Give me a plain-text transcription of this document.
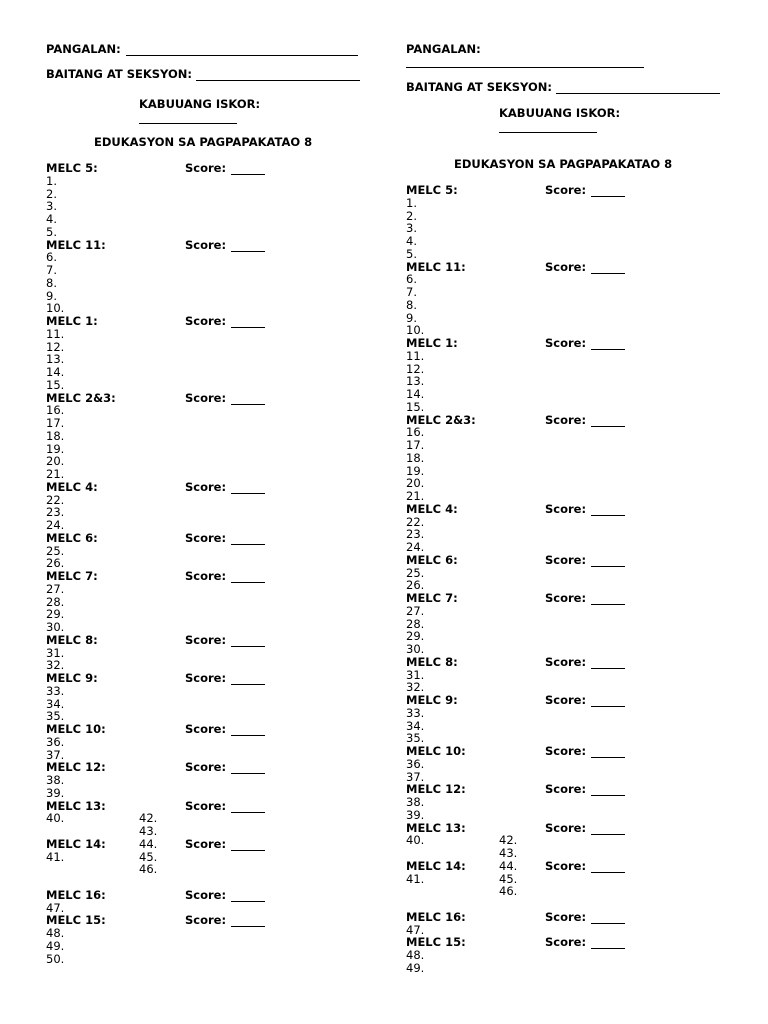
PANGALAN:
BAITANG AT SEKSYON:
KABUUANG ISKOR:
EDUKASYON SA PAGPAPAKATAO 8
MELC 5:	Score:
1.
2.
3.
4.
5.
MELC 11:	Score:
6.
7.
8.
9.
10.
MELC 1:	Score:
11.
12.
13.
14.
15.
MELC 2&3:	Score:
16.
17.
18.
19.
20.
21.
MELC 4:	Score:
22.
23.
24.
MELC 6:	Score:
25.
26.
MELC 7:	Score:
27.
28.
29.
30.
MELC 8:	Score:
31.
32.
MELC 9:	Score:
33.
34.
35.
MELC 10:	Score:
36.
37.
MELC 12:	Score:
38.
39.
MELC 13:	Score:
40.	42.
43.
MELC 14:	Score:
41.
44.
45.
46.
MELC 16:	Score:
47.
MELC 15:	Score:
48.
49.
50.
PANGALAN:
BAITANG AT SEKSYON:
KABUUANG ISKOR:
EDUKASYON SA PAGPAPAKATAO 8
MELC 5:	Score:
1.
2.
3.
4.
5.
MELC 11:	Score:
6.
7.
8.
9.
10.
MELC 1:	Score:
11.
12.
13.
14.
15.
MELC 2&3:	Score:
16.
17.
18.
19.
20.
21.
MELC 4:	Score:
22.
23.
24.
MELC 6:	Score:
25.
26.
MELC 7:	Score:
27.
28.
29.
30.
MELC 8:	Score:
31.
32.
MELC 9:	Score:
33.
34.
35.
MELC 10:	Score:
36.
37.
MELC 12:	Score:
38.
39.
MELC 13:	Score:
40.	42.
43.
MELC 14:	Score:
41.
44.
45.
46.
MELC 16:	Score:
47.
MELC 15:	Score:
48.
49.
